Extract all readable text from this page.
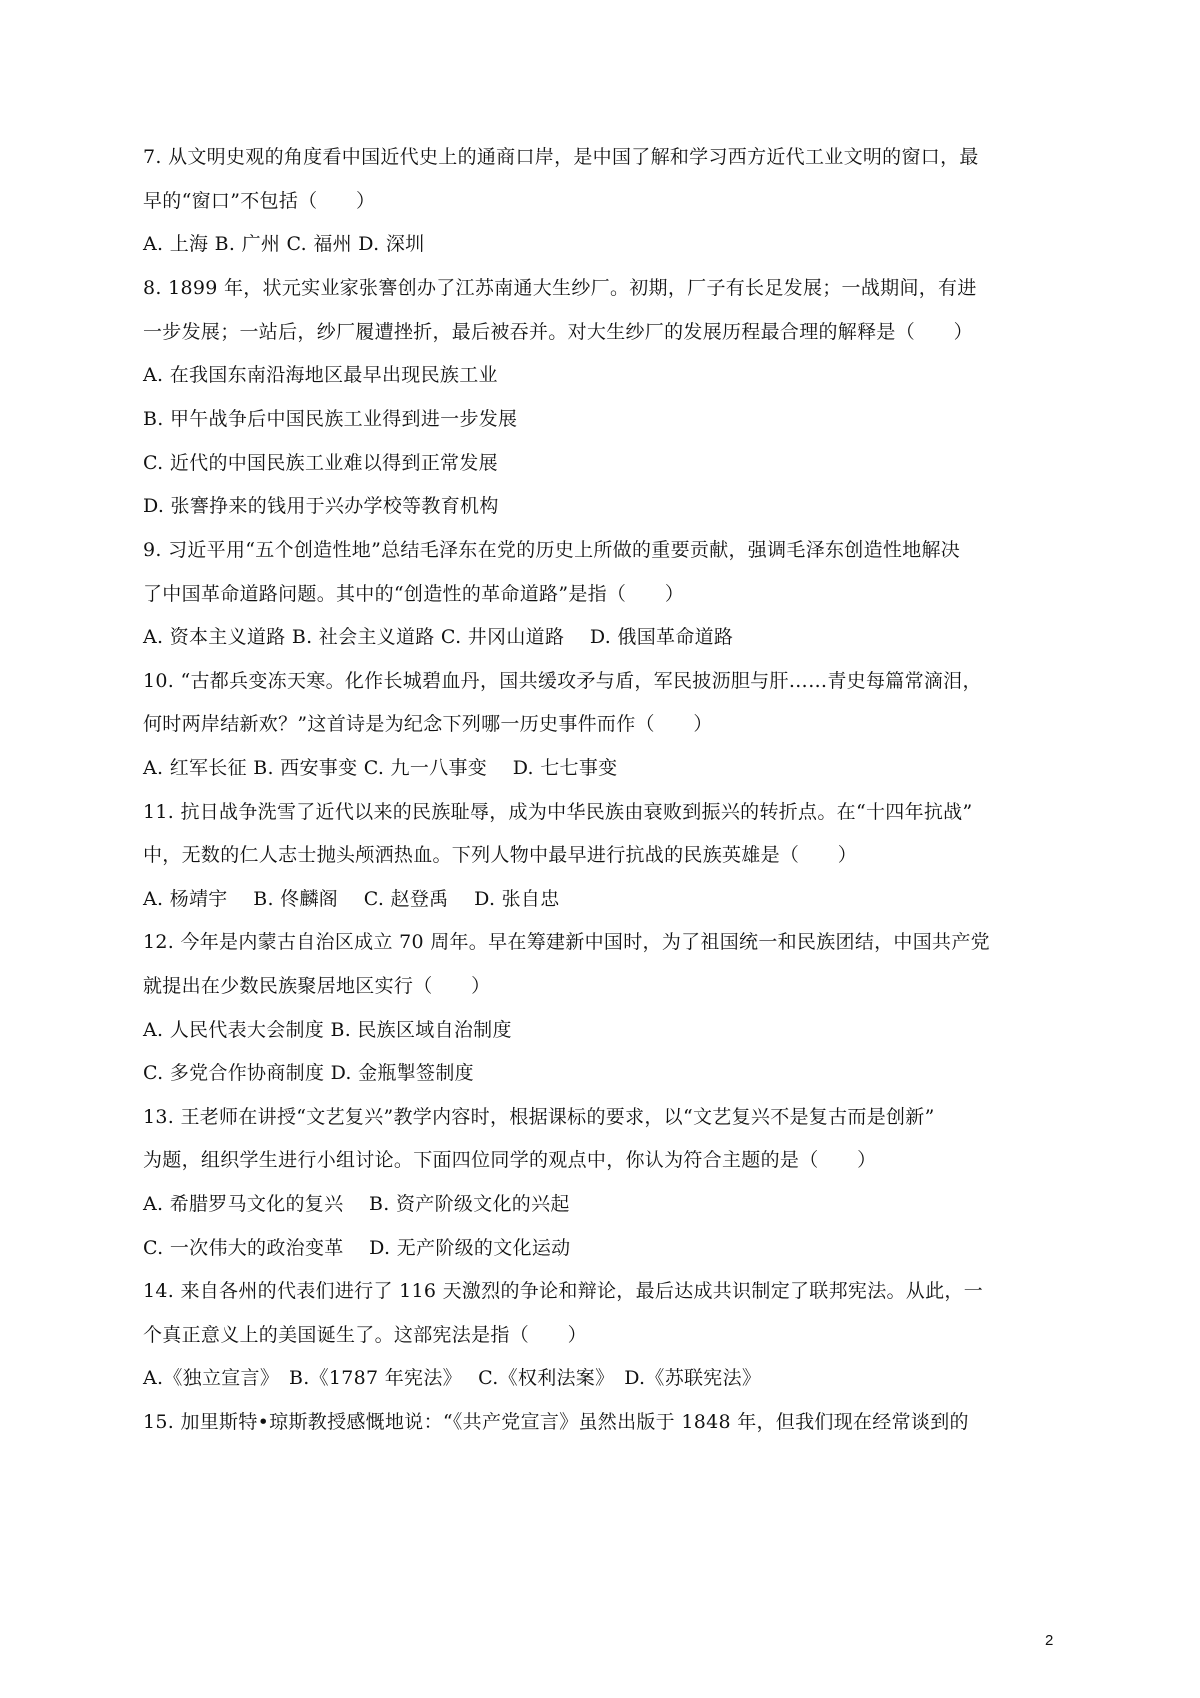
7. 从文明史观的角度看中国近代史上的通商口岸，是中国了解和学习西方近代工业文明的窗口，最
早的“窗口”不包括（　　）
A. 上海 B. 广州 C. 福州 D. 深圳
8. 1899 年，状元实业家张謇创办了江苏南通大生纱厂。初期，厂子有长足发展；一战期间，有进
一步发展；一站后，纱厂履遭挫折，最后被吞并。对大生纱厂的发展历程最合理的解释是（　　）
A. 在我国东南沿海地区最早出现民族工业
B. 甲午战争后中国民族工业得到进一步发展
C. 近代的中国民族工业难以得到正常发展
D. 张謇挣来的钱用于兴办学校等教育机构
9. 习近平用“五个创造性地”总结毛泽东在党的历史上所做的重要贡献，强调毛泽东创造性地解决
了中国革命道路问题。其中的“创造性的革命道路”是指（　　）
A. 资本主义道路 B. 社会主义道路 C. 井冈山道路　 D. 俄国革命道路
10. “古都兵变冻天寒。化作长城碧血丹，国共缓攻矛与盾，军民披沥胆与肝……青史每篇常滴泪，
何时两岸结新欢？”这首诗是为纪念下列哪一历史事件而作（　　）
A. 红军长征 B. 西安事变 C. 九一八事变　 D. 七七事变
11. 抗日战争洗雪了近代以来的民族耻辱，成为中华民族由衰败到振兴的转折点。在“十四年抗战”
中，无数的仁人志士抛头颅洒热血。下列人物中最早进行抗战的民族英雄是（　　）
A. 杨靖宇　 B. 佟麟阁　 C. 赵登禹　 D. 张自忠
12. 今年是内蒙古自治区成立 70 周年。早在筹建新中国时，为了祖国统一和民族团结，中国共产党
就提出在少数民族聚居地区实行（　　）
A. 人民代表大会制度 B. 民族区域自治制度
C. 多党合作协商制度 D. 金瓶掣签制度
13. 王老师在讲授“文艺复兴”教学内容时，根据课标的要求，以“文艺复兴不是复古而是创新”
为题，组织学生进行小组讨论。下面四位同学的观点中，你认为符合主题的是（　　）
A. 希腊罗马文化的复兴　 B. 资产阶级文化的兴起
C. 一次伟大的政治变革　 D. 无产阶级的文化运动
14. 来自各州的代表们进行了 116 天激烈的争论和辩论，最后达成共识制定了联邦宪法。从此，一
个真正意义上的美国诞生了。这部宪法是指（　　）
A.《独立宣言》　B.《1787 年宪法》　 C.《权利法案》　D.《苏联宪法》
15. 加里斯特•琼斯教授感慨地说：“《共产党宣言》虽然出版于 1848 年，但我们现在经常谈到的
2
